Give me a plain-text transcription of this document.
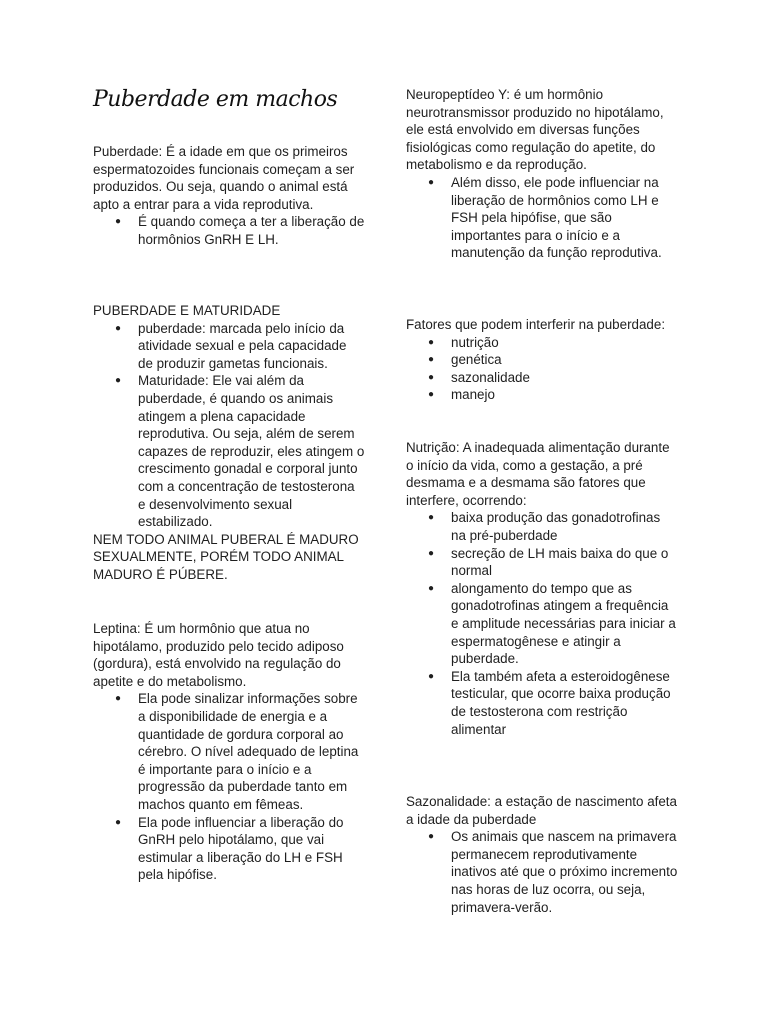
Puberdade em machos

Puberdade: É a idade em que os primeiros espermatozoides funcionais começam a ser produzidos. Ou seja, quando o animal está apto a entrar para a vida reprodutiva.

● É quando começa a ter a liberação de hormônios GnRH E LH.

PUBERDADE E MATURIDADE

● puberdade: marcada pelo início da atividade sexual e pela capacidade de produzir gametas funcionais.
● Maturidade: Ele vai além da puberdade, é quando os animais atingem a plena capacidade reprodutiva. Ou seja, além de serem capazes de reproduzir, eles atingem o crescimento gonadal e corporal junto com a concentração de testosterona e desenvolvimento sexual estabilizado.

NEM TODO ANIMAL PUBERAL É MADURO SEXUALMENTE, PORÉM TODO ANIMAL MADURO É PÚBERE.

Leptina: É um hormônio que atua no hipotálamo, produzido pelo tecido adiposo (gordura), está envolvido na regulação do apetite e do metabolismo.

● Ela pode sinalizar informações sobre a disponibilidade de energia e a quantidade de gordura corporal ao cérebro. O nível adequado de leptina é importante para o início e a progressão da puberdade tanto em machos quanto em fêmeas.
● Ela pode influenciar a liberação do GnRH pelo hipotálamo, que vai estimular a liberação do LH e FSH pela hipófise.

Neuropeptídeo Y: é um hormônio neurotransmissor produzido no hipotálamo, ele está envolvido em diversas funções fisiológicas como regulação do apetite, do metabolismo e da reprodução.

● Além disso, ele pode influenciar na liberação de hormônios como LH e FSH pela hipófise, que são importantes para o início e a manutenção da função reprodutiva.

Fatores que podem interferir na puberdade:

● nutrição
● genética
● sazonalidade
● manejo

Nutrição: A inadequada alimentação durante o início da vida, como a gestação, a pré desmama e a desmama são fatores que interfere, ocorrendo:

● baixa produção das gonadotrofinas na pré-puberdade
● secreção de LH mais baixa do que o normal
● alongamento do tempo que as gonadotrofinas atingem a frequência e amplitude necessárias para iniciar a espermatogênese e atingir a puberdade.
● Ela também afeta a esteroidogênese testicular, que ocorre baixa produção de testosterona com restrição alimentar

Sazonalidade: a estação de nascimento afeta a idade da puberdade

● Os animais que nascem na primavera permanecem reprodutivamente inativos até que o próximo incremento nas horas de luz ocorra, ou seja, primavera-verão.
